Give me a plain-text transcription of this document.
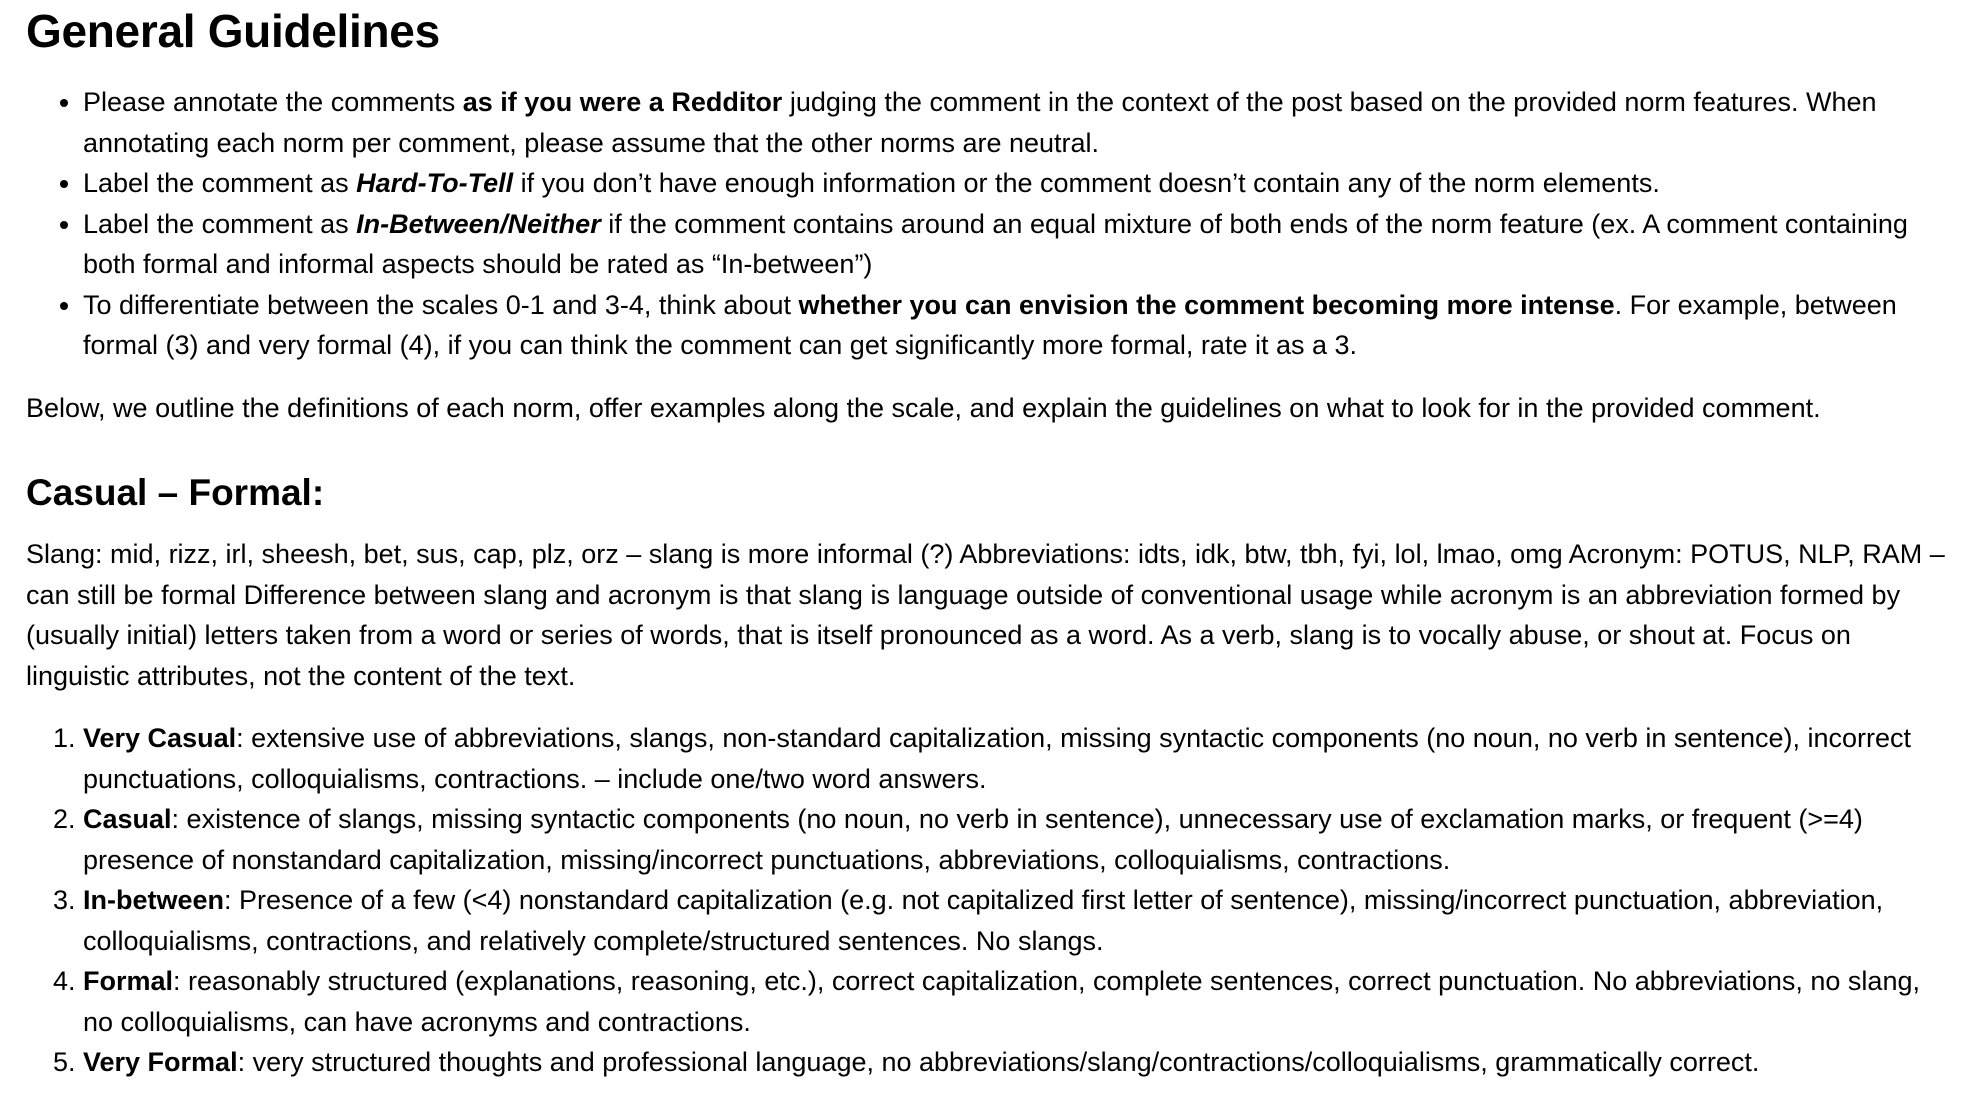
General Guidelines
• Please annotate the comments as if you were a Redditor judging the comment in the context of the post based on the provided norm features. When annotating each norm per comment, please assume that the other norms are neutral.
• Label the comment as Hard-To-Tell if you don’t have enough information or the comment doesn’t contain any of the norm elements.
• Label the comment as In-Between/Neither if the comment contains around an equal mixture of both ends of the norm feature (ex. A comment containing both formal and informal aspects should be rated as “In-between”)
• To differentiate between the scales 0-1 and 3-4, think about whether you can envision the comment becoming more intense. For example, between formal (3) and very formal (4), if you can think the comment can get significantly more formal, rate it as a 3.

Below, we outline the definitions of each norm, offer examples along the scale, and explain the guidelines on what to look for in the provided comment.

Casual – Formal:

Slang: mid, rizz, irl, sheesh, bet, sus, cap, plz, orz – slang is more informal (?) Abbreviations: idts, idk, btw, tbh, fyi, lol, lmao, omg Acronym: POTUS, NLP, RAM – can still be formal Difference between slang and acronym is that slang is language outside of conventional usage while acronym is an abbreviation formed by (usually initial) letters taken from a word or series of words, that is itself pronounced as a word. As a verb, slang is to vocally abuse, or shout at. Focus on linguistic attributes, not the content of the text.

1. Very Casual: extensive use of abbreviations, slangs, non-standard capitalization, missing syntactic components (no noun, no verb in sentence), incorrect punctuations, colloquialisms, contractions. – include one/two word answers.
2. Casual: existence of slangs, missing syntactic components (no noun, no verb in sentence), unnecessary use of exclamation marks, or frequent (>=4) presence of nonstandard capitalization, missing/incorrect punctuations, abbreviations, colloquialisms, contractions.
3. In-between: Presence of a few (<4) nonstandard capitalization (e.g. not capitalized first letter of sentence), missing/incorrect punctuation, abbreviation, colloquialisms, contractions, and relatively complete/structured sentences. No slangs.
4. Formal: reasonably structured (explanations, reasoning, etc.), correct capitalization, complete sentences, correct punctuation. No abbreviations, no slang, no colloquialisms, can have acronyms and contractions.
5. Very Formal: very structured thoughts and professional language, no abbreviations/slang/contractions/colloquialisms, grammatically correct.
